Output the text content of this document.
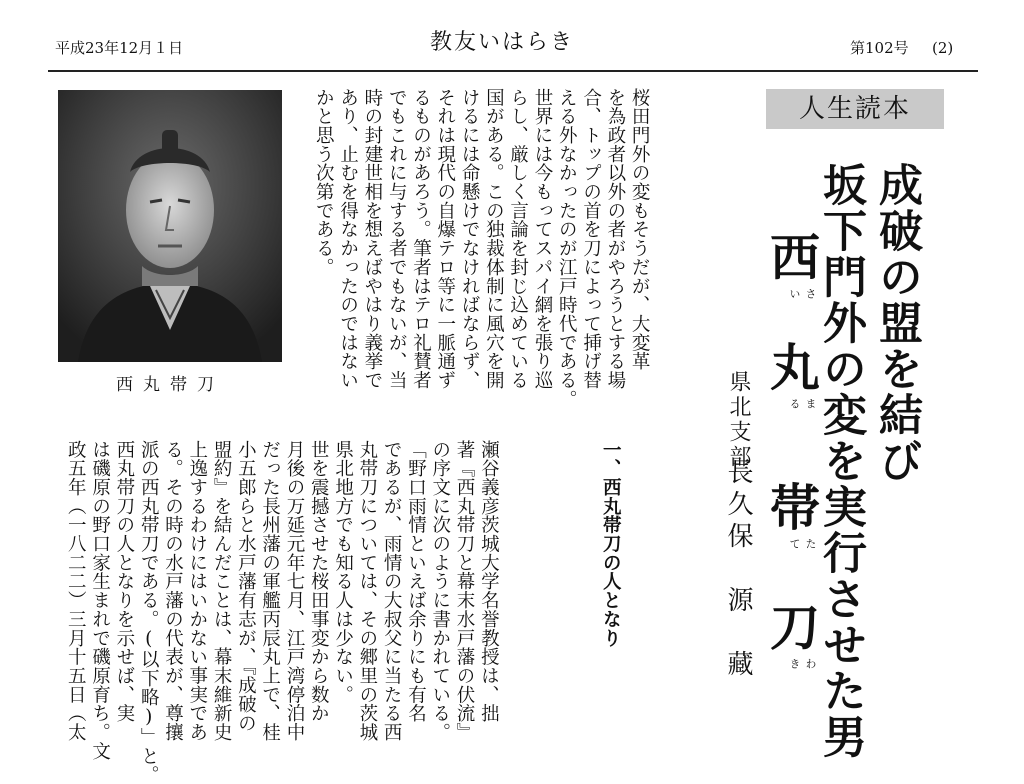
平成23年12月１日	教友いはらき	第102号 (2)
西丸帯刀
桜田門外の変もそうだが、大変革
を為政者以外の者がやろうとする場
合、トップの首を刀によって挿げ替
える外なかったのが江戸時代である。
世界には今もってスパイ網を張り巡
らし、厳しく言論を封じ込めている
国がある。この独裁体制に風穴を開
けるには命懸けでなければならず、
それは現代の自爆テロ等に一脈通ず
るものがあろう。筆者はテロ礼賛者
でもこれに与する者でもないが、当
時の封建世相を想えばやはり義挙で
あり、止むを得なかったのではない
かと思う次第である。	人生読本
成破の盟を結び
坂下門外の変を実行させた男
西
さい
丸
まる
帯
たて
刀
わき
県北支部
長久保　源　藏
一、西丸帯刀の人となり
瀬谷義彦茨城大学名誉教授は、拙
著『西丸帯刀と幕末水戸藩の伏流』
の序文に次のように書かれている。
「野口雨情といえば余りにも有名
であるが、雨情の大叔父に当たる西
丸帯刀については、その郷里の茨城
県北地方でも知る人は少ない。
世を震撼させた桜田事変から数か
月後の万延元年七月、江戸湾停泊中
だった長州藩の軍艦丙辰丸上で、桂
小五郎らと水戸藩有志が、『成破の
盟約』を結んだことは、幕末維新史
上逸するわけにはいかない事実であ
る。その時の水戸藩の代表が、尊攘
派の西丸帯刀である。(以下略)」と。
西丸帯刀の人となりを示せば、実
は磯原の野口家生まれで磯原育ち。文
政五年（一八二二）三月十五日（太
